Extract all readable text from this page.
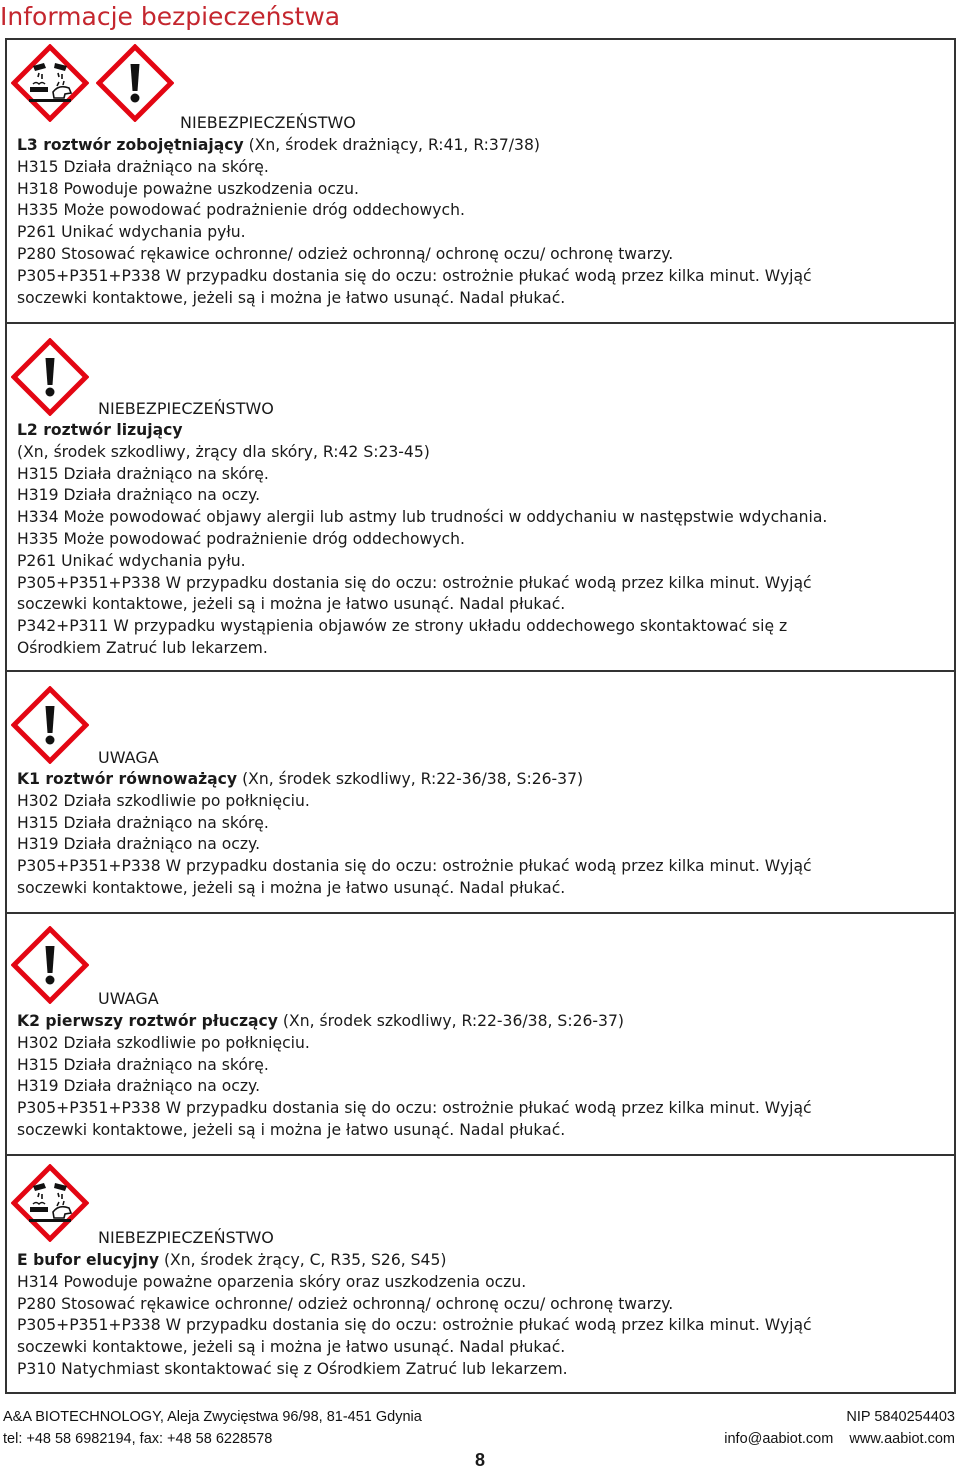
Informacje bezpieczeństwa
NIEBEZPIECZEŃSTWO
L3 roztwór zobojętniający (Xn, środek drażniący, R:41, R:37/38)
H315 Działa drażniąco na skórę.
H318 Powoduje poważne uszkodzenia oczu.
H335 Może powodować podrażnienie dróg oddechowych.
P261 Unikać wdychania pyłu.
P280 Stosować rękawice ochronne/ odzież ochronną/ ochronę oczu/ ochronę twarzy.
P305+P351+P338 W przypadku dostania się do oczu: ostrożnie płukać wodą przez kilka minut. Wyjąć
soczewki kontaktowe, jeżeli są i można je łatwo usunąć. Nadal płukać.
NIEBEZPIECZEŃSTWO
L2 roztwór lizujący
(Xn, środek szkodliwy, żrący dla skóry, R:42 S:23-45)
H315 Działa drażniąco na skórę.
H319 Działa drażniąco na oczy.
H334 Może powodować objawy alergii lub astmy lub trudności w oddychaniu w następstwie wdychania.
H335 Może powodować podrażnienie dróg oddechowych.
P261 Unikać wdychania pyłu.
P305+P351+P338 W przypadku dostania się do oczu: ostrożnie płukać wodą przez kilka minut. Wyjąć
soczewki kontaktowe, jeżeli są i można je łatwo usunąć. Nadal płukać.
P342+P311 W przypadku wystąpienia objawów ze strony układu oddechowego skontaktować się z
Ośrodkiem Zatruć lub lekarzem.
UWAGA
K1 roztwór równoważący (Xn, środek szkodliwy, R:22-36/38, S:26-37)
H302 Działa szkodliwie po połknięciu.
H315 Działa drażniąco na skórę.
H319 Działa drażniąco na oczy.
P305+P351+P338 W przypadku dostania się do oczu: ostrożnie płukać wodą przez kilka minut. Wyjąć
soczewki kontaktowe, jeżeli są i można je łatwo usunąć. Nadal płukać.
UWAGA
K2 pierwszy roztwór płuczący (Xn, środek szkodliwy, R:22-36/38, S:26-37)
H302 Działa szkodliwie po połknięciu.
H315 Działa drażniąco na skórę.
H319 Działa drażniąco na oczy.
P305+P351+P338 W przypadku dostania się do oczu: ostrożnie płukać wodą przez kilka minut. Wyjąć
soczewki kontaktowe, jeżeli są i można je łatwo usunąć. Nadal płukać.
NIEBEZPIECZEŃSTWO
E bufor elucyjny (Xn, środek żrący, C, R35, S26, S45)
H314 Powoduje poważne oparzenia skóry oraz uszkodzenia oczu.
P280 Stosować rękawice ochronne/ odzież ochronną/ ochronę oczu/ ochronę twarzy.
P305+P351+P338 W przypadku dostania się do oczu: ostrożnie płukać wodą przez kilka minut. Wyjąć
soczewki kontaktowe, jeżeli są i można je łatwo usunąć. Nadal płukać.
P310 Natychmiast skontaktować się z Ośrodkiem Zatruć lub lekarzem.
A&A BIOTECHNOLOGY, Aleja Zwycięstwa 96/98, 81-451 Gdynia
tel: +48 58 6982194, fax: +48 58 6228578
NIP 5840254403
info@aabiot.com www.aabiot.com
8
